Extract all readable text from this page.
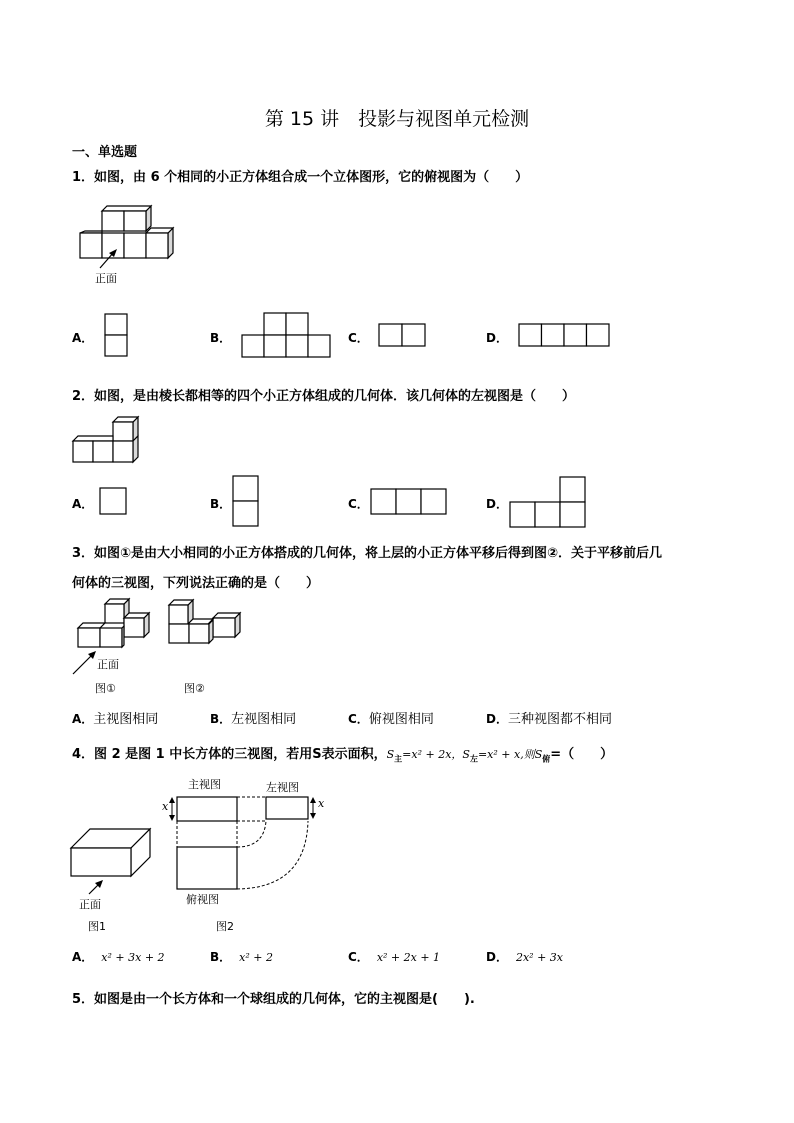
第 15 讲　投影与视图单元检测
一、单选题
1．如图，由 6 个相同的小正方体组合成一个立体图形，它的俯视图为（　　）
正面
A．	B．	C．	D．
2．如图，是由棱长都相等的四个小正方体组成的几何体．该几何体的左视图是（　　）
A．	B．	C．	D．
3．如图①是由大小相同的小正方体搭成的几何体，将上层的小正方体平移后得到图②．关于平移前后几
何体的三视图，下列说法正确的是（　　）
正面
图①	图②
A．主视图相同	B．左视图相同	C．俯视图相同	D．三种视图都不相同
4．图 2 是图 1 中长方体的三视图，若用S表示面积，$S_主=x^2 + 2x$，$S_左=x^2 + x$,则$S_俯=$（　　）
正面
图1
主视图	左视图
俯视图
x	x
图2
A． x² + 3x + 2	B． x² + 2	C． x² + 2x + 1	D． 2x² + 3x
5．如图是由一个长方体和一个球组成的几何体，它的主视图是(　　).
